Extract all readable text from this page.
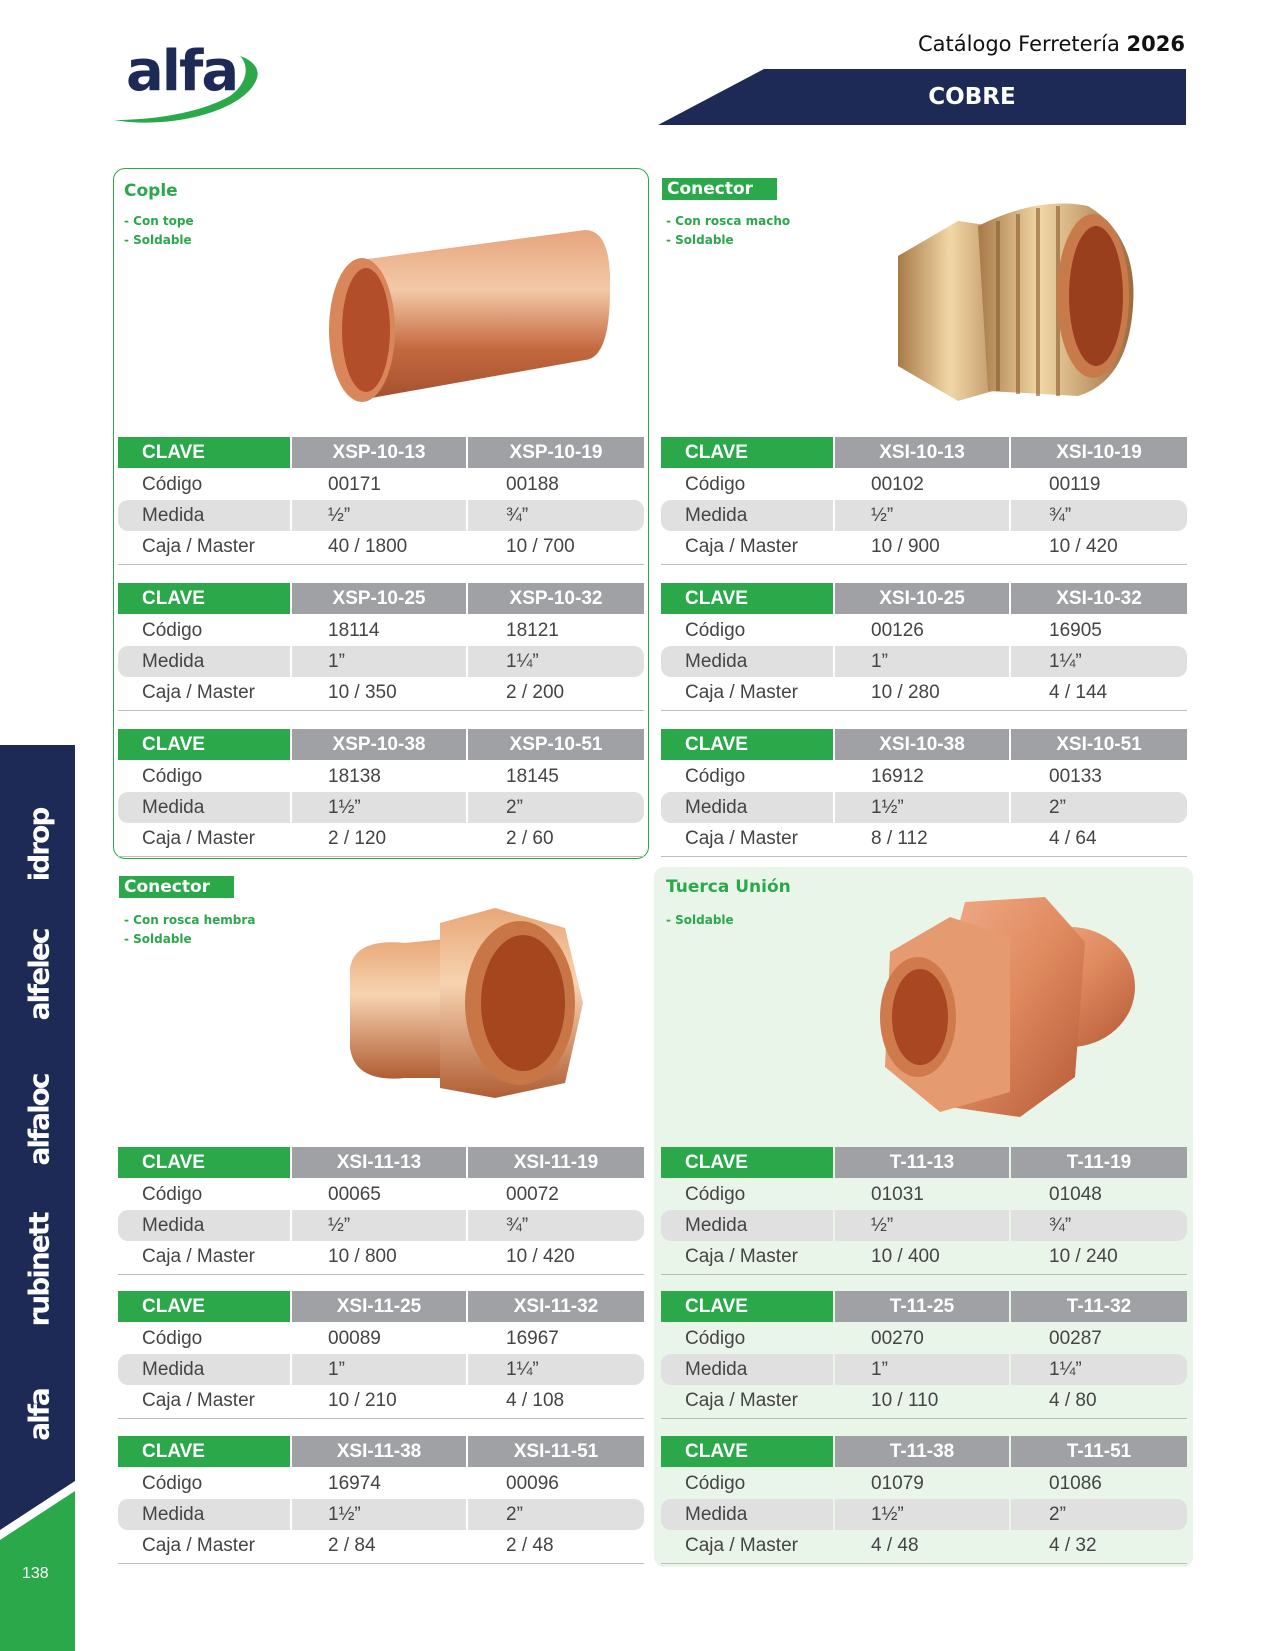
alfa	Catálogo Ferretería 2026
COBRE
idrop
alfelec
alfaloc
rubinett
alfa
138
Cople
- Con tope
- Soldable
Conector
- Con rosca macho
- Soldable
Conector
- Con rosca hembra
- Soldable
Tuerca Unión
- Soldable
CLAVE	XSP-10-13	XSP-10-19
Código	00171	00188
Medida	½”	¾”
Caja / Master	40 / 1800	10 / 700
CLAVE	XSP-10-25	XSP-10-32
Código	18114	18121
Medida	1”	1¼”
Caja / Master	10 / 350	2 / 200
CLAVE	XSP-10-38	XSP-10-51
Código	18138	18145
Medida	1½”	2”
Caja / Master	2 / 120	2 / 60
CLAVE	XSI-10-13	XSI-10-19
Código	00102	00119
Medida	½”	¾”
Caja / Master	10 / 900	10 / 420
CLAVE	XSI-10-25	XSI-10-32
Código	00126	16905
Medida	1”	1¼”
Caja / Master	10 / 280	4 / 144
CLAVE	XSI-10-38	XSI-10-51
Código	16912	00133
Medida	1½”	2”
Caja / Master	8 / 112	4 / 64
CLAVE	XSI-11-13	XSI-11-19
Código	00065	00072
Medida	½”	¾”
Caja / Master	10 / 800	10 / 420
CLAVE	XSI-11-25	XSI-11-32
Código	00089	16967
Medida	1”	1¼”
Caja / Master	10 / 210	4 / 108
CLAVE	XSI-11-38	XSI-11-51
Código	16974	00096
Medida	1½”	2”
Caja / Master	2 / 84	2 / 48
CLAVE	T-11-13	T-11-19
Código	01031	01048
Medida	½”	¾”
Caja / Master	10 / 400	10 / 240
CLAVE	T-11-25	T-11-32
Código	00270	00287
Medida	1”	1¼”
Caja / Master	10 / 110	4 / 80
CLAVE	T-11-38	T-11-51
Código	01079	01086
Medida	1½”	2”
Caja / Master	4 / 48	4 / 32
